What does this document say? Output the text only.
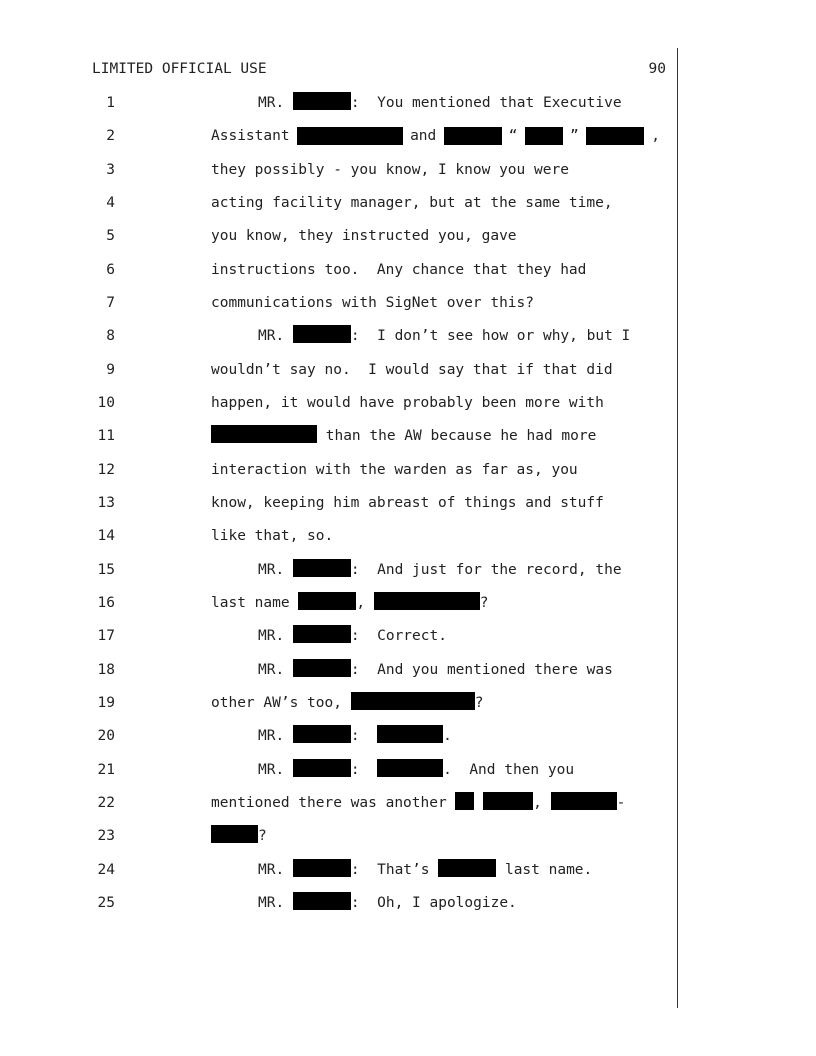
LIMITED OFFICIAL USE	90
1	MR.	:  You mentioned that Executive
2	Assistant	and	“	”	,
3	they possibly - you know, I know you were
4	acting facility manager, but at the same time,
5	you know, they instructed you, gave
6	instructions too.  Any chance that they had
7	communications with SigNet over this?
8	MR.	:  I don’t see how or why, but I
9	wouldn’t say no.  I would say that if that did
10	happen, it would have probably been more with
11	than the AW because he had more
12	interaction with the warden as far as, you
13	know, keeping him abreast of things and stuff
14	like that, so.
15	MR.	:  And just for the record, the
16	last name	,	?
17	MR.	:  Correct.
18	MR.	:  And you mentioned there was
19	other AW’s too,	?
20	MR.	:	.
21	MR.	:	.  And then you
22	mentioned there was another	,	-
23	?
24	MR.	:  That’s	last name.
25	MR.	:  Oh, I apologize.
